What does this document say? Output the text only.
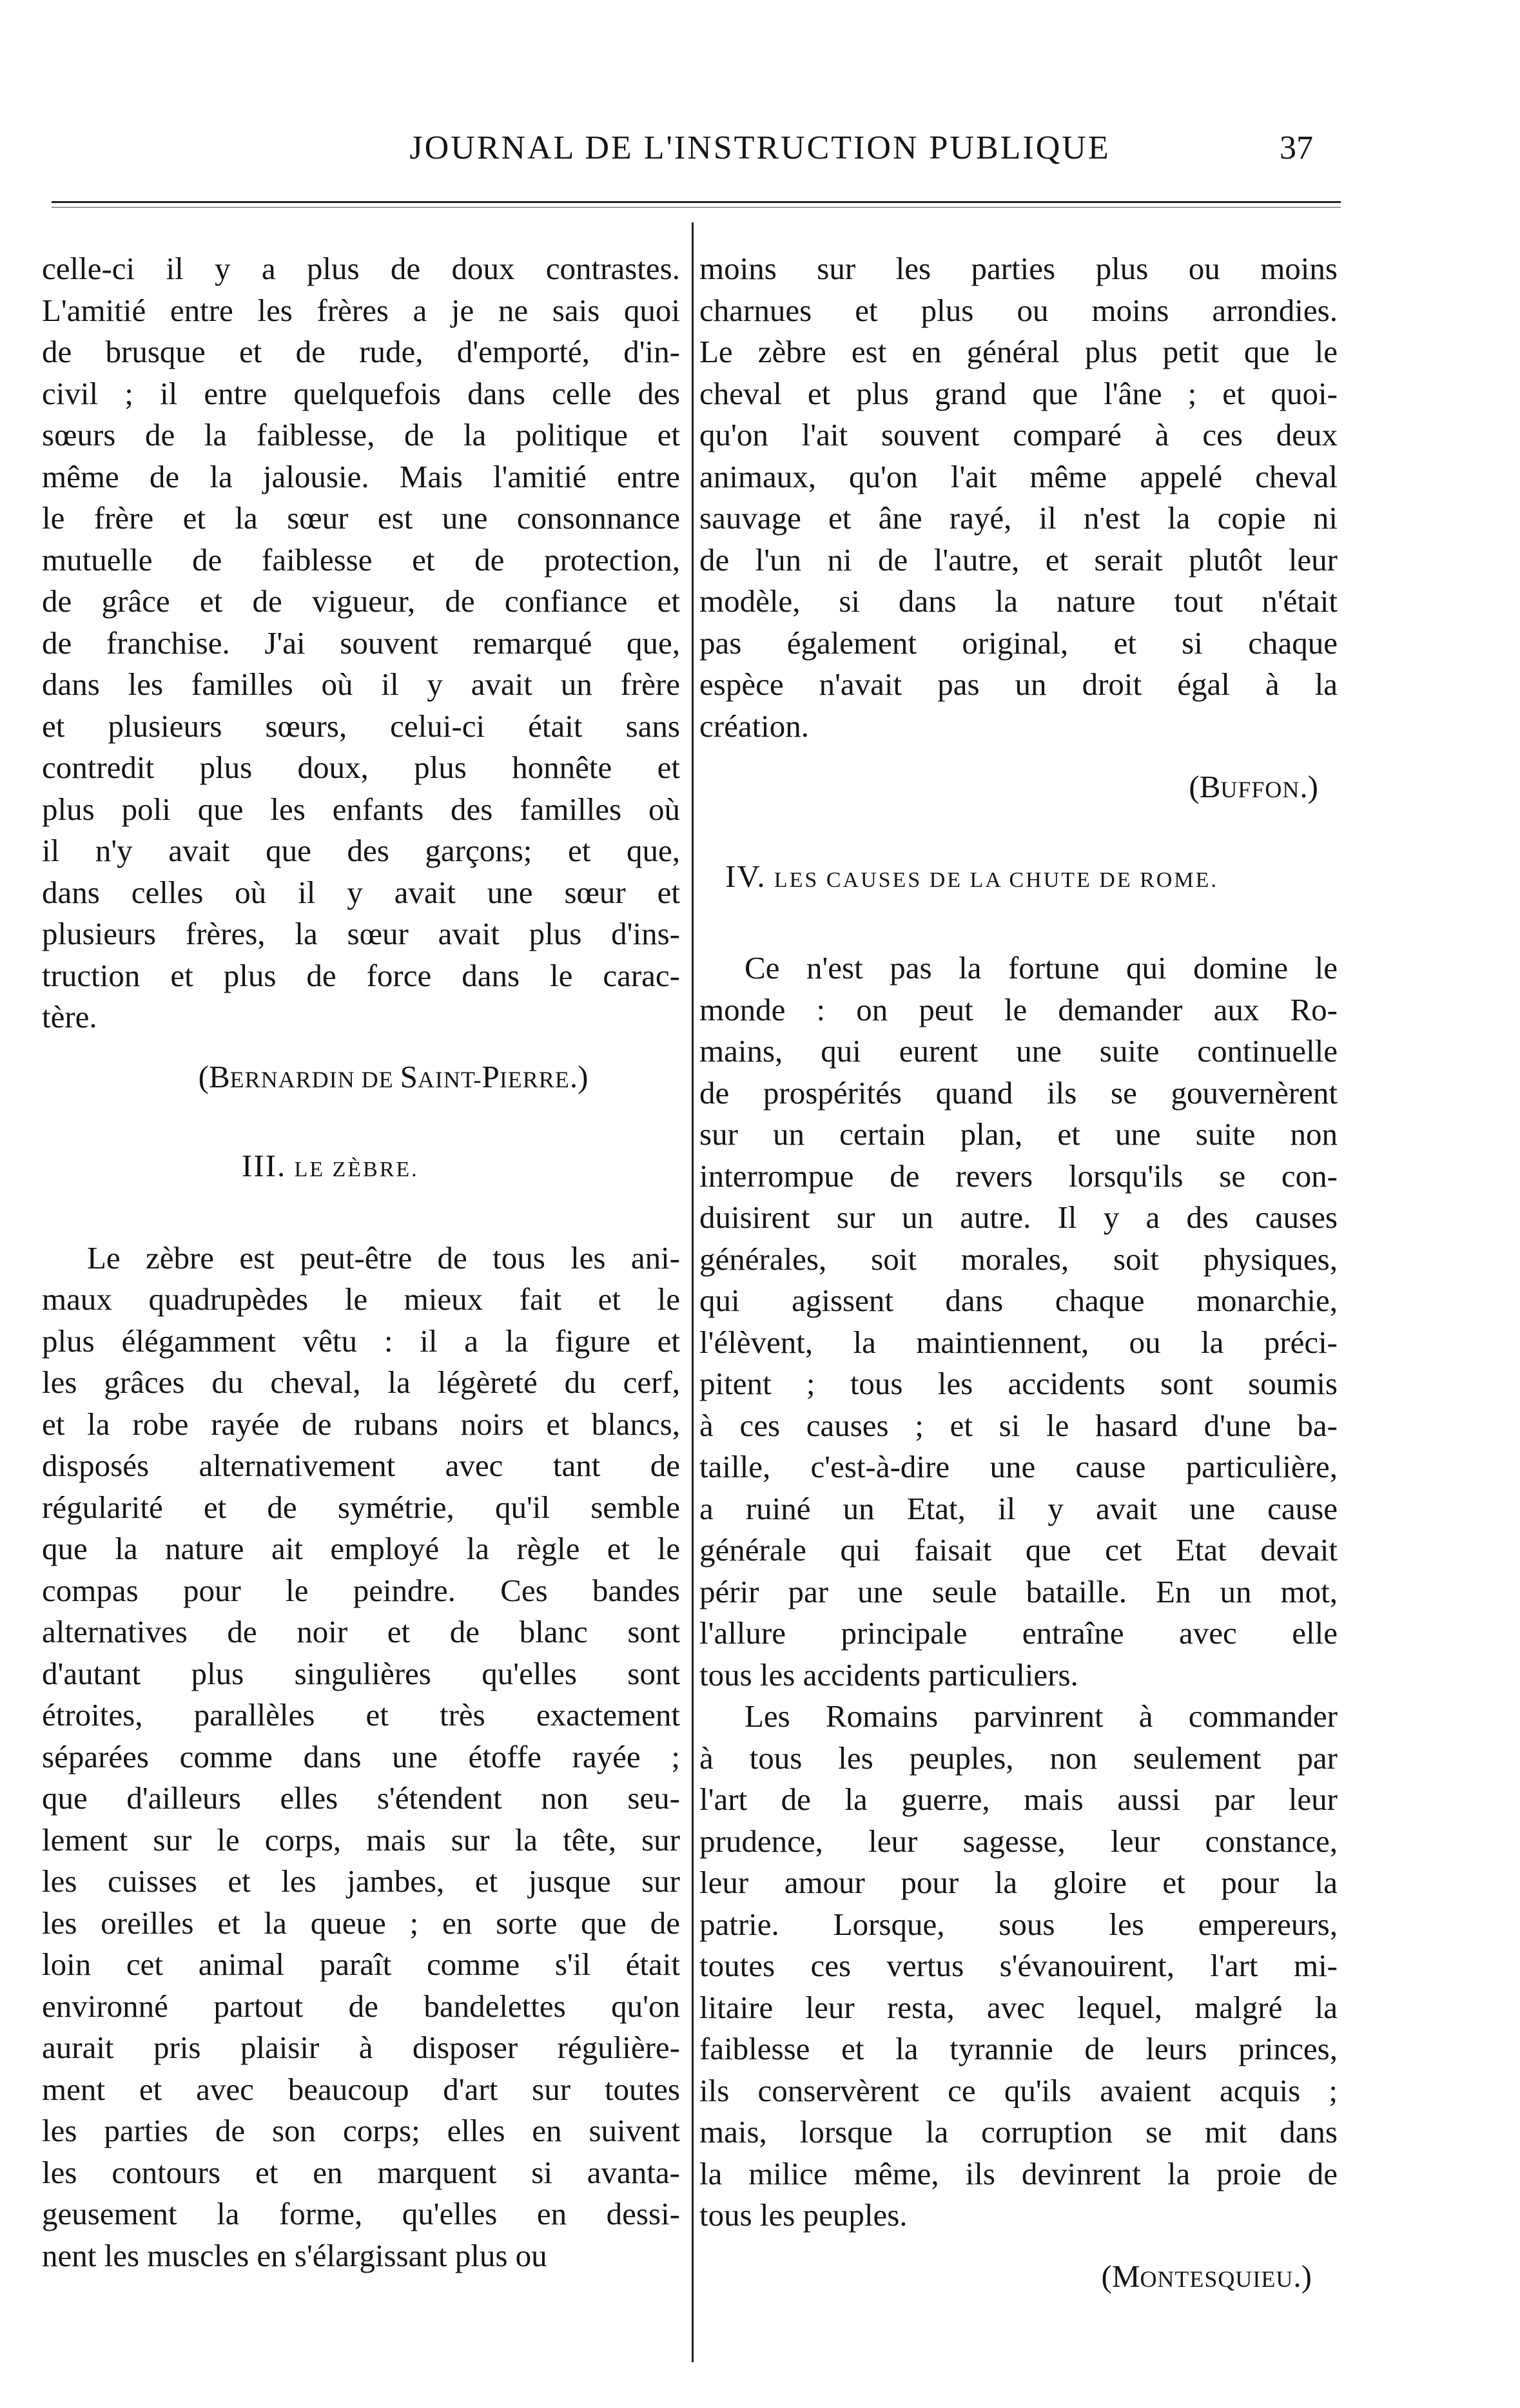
JOURNAL DE L'INSTRUCTION PUBLIQUE	37
celle-ci il y a plus de doux contrastes.
L'amitié entre les frères a je ne sais quoi
de brusque et de rude, d'emporté, d'in-
civil ; il entre quelquefois dans celle des
sœurs de la faiblesse, de la politique et
même de la jalousie. Mais l'amitié entre
le frère et la sœur est une consonnance
mutuelle de faiblesse et de protection,
de grâce et de vigueur, de confiance et
de franchise. J'ai souvent remarqué que,
dans les familles où il y avait un frère
et plusieurs sœurs, celui-ci était sans
contredit plus doux, plus honnête et
plus poli que les enfants des familles où
il n'y avait que des garçons; et que,
dans celles où il y avait une sœur et
plusieurs frères, la sœur avait plus d'ins-
truction et plus de force dans le carac-
tère.
(BERNARDIN DE SAINT-PIERRE.)
III. LE ZÈBRE.
Le zèbre est peut-être de tous les ani-
maux quadrupèdes le mieux fait et le
plus élégamment vêtu : il a la figure et
les grâces du cheval, la légèreté du cerf,
et la robe rayée de rubans noirs et blancs,
disposés alternativement avec tant de
régularité et de symétrie, qu'il semble
que la nature ait employé la règle et le
compas pour le peindre. Ces bandes
alternatives de noir et de blanc sont
d'autant plus singulières qu'elles sont
étroites, parallèles et très exactement
séparées comme dans une étoffe rayée ;
que d'ailleurs elles s'étendent non seu-
lement sur le corps, mais sur la tête, sur
les cuisses et les jambes, et jusque sur
les oreilles et la queue ; en sorte que de
loin cet animal paraît comme s'il était
environné partout de bandelettes qu'on
aurait pris plaisir à disposer régulière-
ment et avec beaucoup d'art sur toutes
les parties de son corps; elles en suivent
les contours et en marquent si avanta-
geusement la forme, qu'elles en dessi-
nent les muscles en s'élargissant plus ou
moins sur les parties plus ou moins
charnues et plus ou moins arrondies.
Le zèbre est en général plus petit que le
cheval et plus grand que l'âne ; et quoi-
qu'on l'ait souvent comparé à ces deux
animaux, qu'on l'ait même appelé cheval
sauvage et âne rayé, il n'est la copie ni
de l'un ni de l'autre, et serait plutôt leur
modèle, si dans la nature tout n'était
pas également original, et si chaque
espèce n'avait pas un droit égal à la
création.
(BUFFON.)
IV. LES CAUSES DE LA CHUTE DE ROME.
Ce n'est pas la fortune qui domine le
monde : on peut le demander aux Ro-
mains, qui eurent une suite continuelle
de prospérités quand ils se gouvernèrent
sur un certain plan, et une suite non
interrompue de revers lorsqu'ils se con-
duisirent sur un autre. Il y a des causes
générales, soit morales, soit physiques,
qui agissent dans chaque monarchie,
l'élèvent, la maintiennent, ou la préci-
pitent ; tous les accidents sont soumis
à ces causes ; et si le hasard d'une ba-
taille, c'est-à-dire une cause particulière,
a ruiné un Etat, il y avait une cause
générale qui faisait que cet Etat devait
périr par une seule bataille. En un mot,
l'allure principale entraîne avec elle
tous les accidents particuliers.
Les Romains parvinrent à commander
à tous les peuples, non seulement par
l'art de la guerre, mais aussi par leur
prudence, leur sagesse, leur constance,
leur amour pour la gloire et pour la
patrie. Lorsque, sous les empereurs,
toutes ces vertus s'évanouirent, l'art mi-
litaire leur resta, avec lequel, malgré la
faiblesse et la tyrannie de leurs princes,
ils conservèrent ce qu'ils avaient acquis ;
mais, lorsque la corruption se mit dans
la milice même, ils devinrent la proie de
tous les peuples.
(MONTESQUIEU.)
